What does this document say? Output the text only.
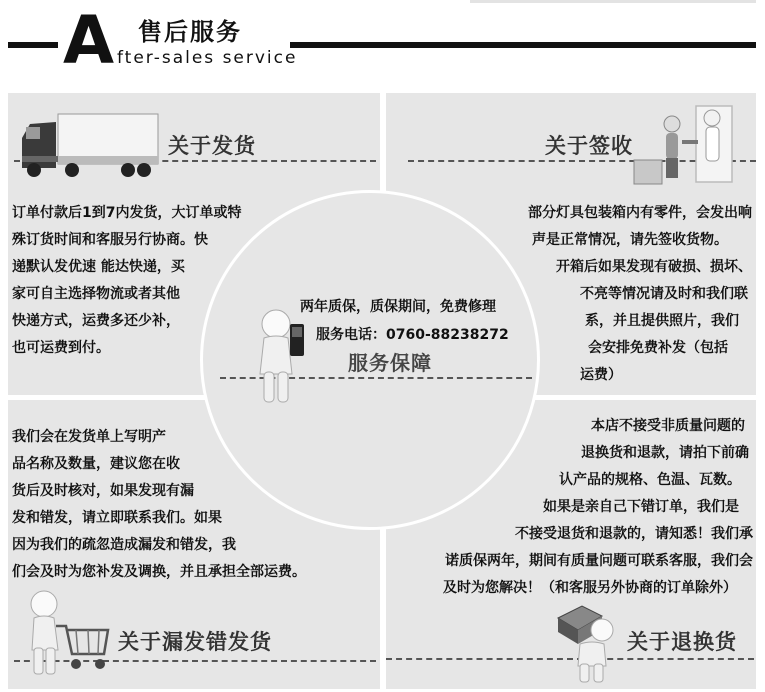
A 售后服务
fter-sales service
关于发货
订单付款后1到7内发货，大订单或特
殊订货时间和客服另行协商。快
递默认发优速 能达快递，买
家可自主选择物流或者其他
快递方式，运费多还少补，
也可运费到付。
关于签收
部分灯具包装箱内有零件，会发出响
声是正常情况，请先签收货物。
开箱后如果发现有破损、损坏、
不亮等情况请及时和我们联
系，并且提供照片，我们
会安排免费补发（包括
运费）
两年质保，质保期间，免费修理
服务电话：0760-88238272
服务保障
我们会在发货单上写明产
品名称及数量，建议您在收
货后及时核对，如果发现有漏
发和错发，请立即联系我们。如果
因为我们的疏忽造成漏发和错发，我
们会及时为您补发及调换，并且承担全部运费。
关于漏发错发货
本店不接受非质量问题的
退换货和退款，请拍下前确
认产品的规格、色温、瓦数。
如果是亲自己下错订单，我们是
不接受退货和退款的，请知悉！我们承
诺质保两年，期间有质量问题可联系客服，我们会
及时为您解决！（和客服另外协商的订单除外）
关于退换货
